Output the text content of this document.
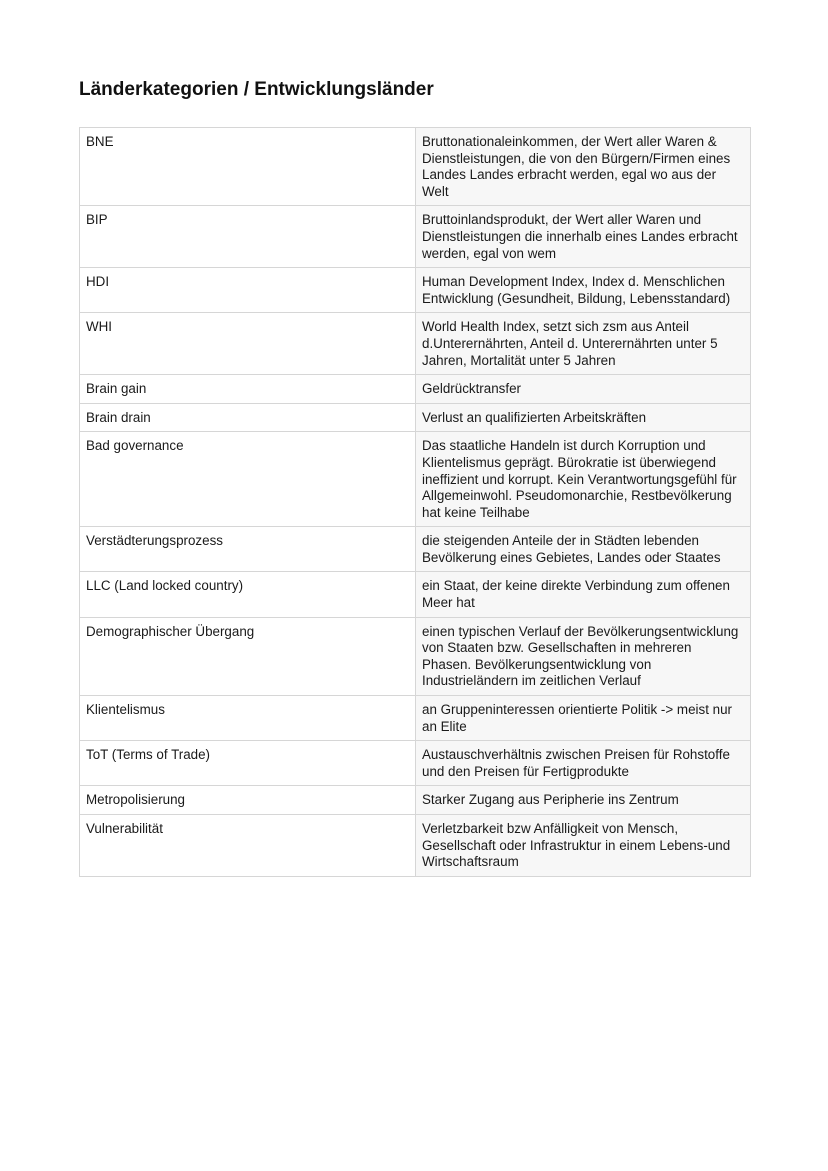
Länderkategorien / Entwicklungsländer
BNE	Bruttonationaleinkommen, der Wert aller Waren & Dienstleistungen, die von den Bürgern/Firmen eines Landes Landes erbracht werden, egal wo aus der Welt
BIP	Bruttoinlandsprodukt, der Wert aller Waren und Dienstleistungen die innerhalb eines Landes erbracht werden, egal von wem
HDI	Human Development Index, Index d. Menschlichen Entwicklung (Gesundheit, Bildung, Lebensstandard)
WHI	World Health Index, setzt sich zsm aus Anteil d.Unterernährten, Anteil d. Unterernährten unter 5 Jahren, Mortalität unter 5 Jahren
Brain gain	Geldrücktransfer
Brain drain	Verlust an qualifizierten Arbeitskräften
Bad governance	Das staatliche Handeln ist durch Korruption und Klientelismus geprägt. Bürokratie ist überwiegend ineffizient und korrupt. Kein Verantwortungsgefühl für Allgemeinwohl. Pseudomonarchie, Restbevölkerung hat keine Teilhabe
Verstädterungsprozess	die steigenden Anteile der in Städten lebenden Bevölkerung eines Gebietes, Landes oder Staates
LLC (Land locked country)	ein Staat, der keine direkte Verbindung zum offenen Meer hat
Demographischer Übergang	einen typischen Verlauf der Bevölkerungsentwicklung von Staaten bzw. Gesellschaften in mehreren Phasen. Bevölkerungsentwicklung von Industrieländern im zeitlichen Verlauf
Klientelismus	an Gruppeninteressen orientierte Politik -> meist nur an Elite
ToT (Terms of Trade)	Austauschverhältnis zwischen Preisen für Rohstoffe und den Preisen für Fertigprodukte
Metropolisierung	Starker Zugang aus Peripherie ins Zentrum
Vulnerabilität	Verletzbarkeit bzw Anfälligkeit von Mensch, Gesellschaft oder Infrastruktur in einem Lebens-und Wirtschaftsraum
